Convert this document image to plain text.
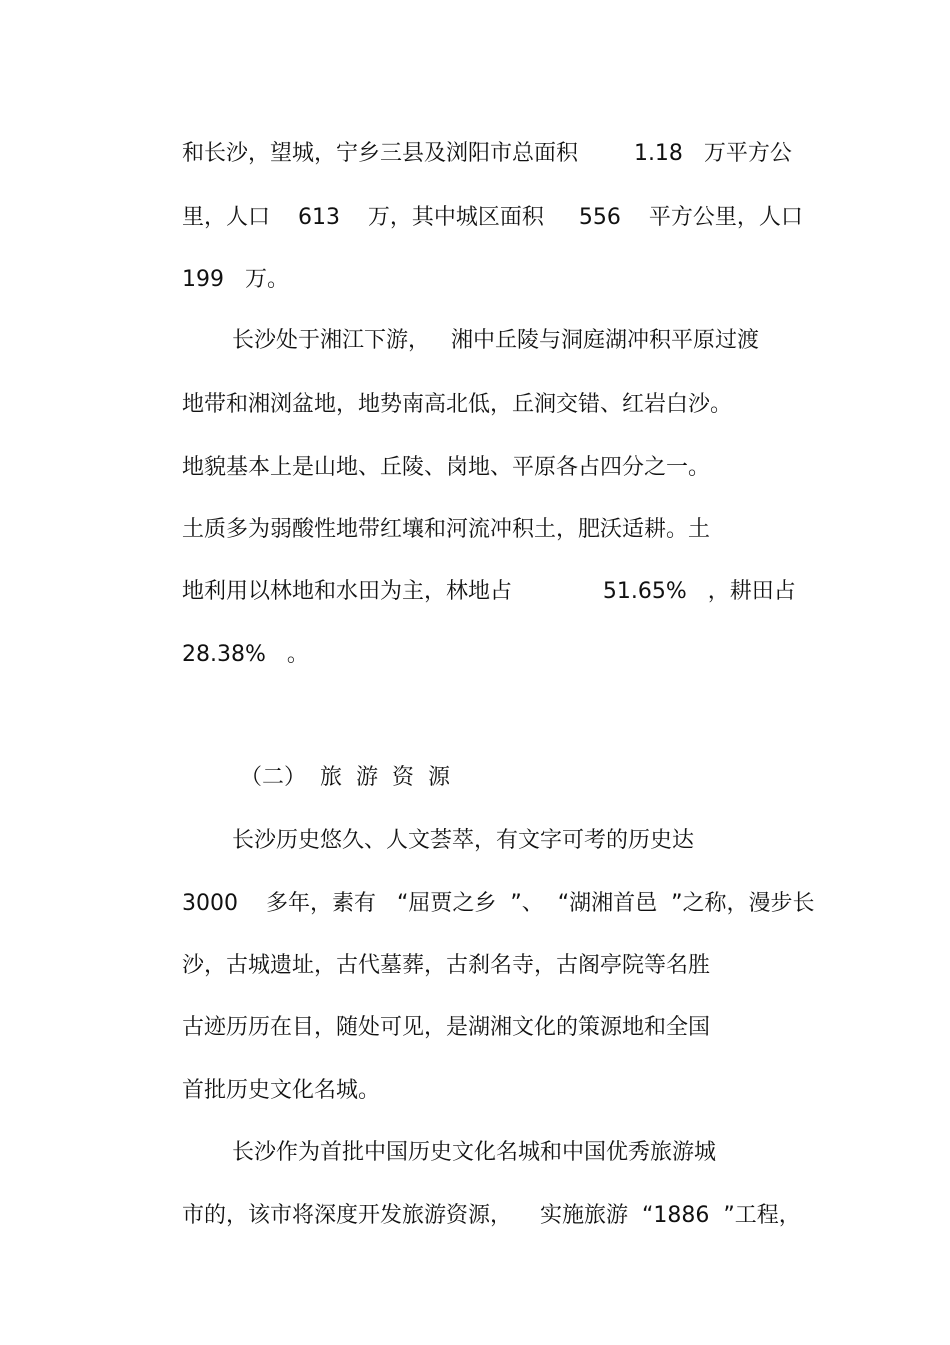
和长沙，望城，宁乡三县及浏阳市总面积        1.18   万平方公
里，人口    613    万，其中城区面积     556    平方公里，人口
199   万。
长沙处于湘江下游，   湘中丘陵与洞庭湖冲积平原过渡
地带和湘浏盆地，地势南高北低，丘涧交错、红岩白沙。
地貌基本上是山地、丘陵、岗地、平原各占四分之一。
土质多为弱酸性地带红壤和河流冲积土，肥沃适耕。土
地利用以林地和水田为主，林地占             51.65%   ，耕田占
28.38%   。
（二）  旅  游  资  源
长沙历史悠久、人文荟萃，有文字可考的历史达
3000    多年，素有   “屈贾之乡  ”、  “湖湘首邑  ”之称，漫步长
沙，古城遗址，古代墓葬，古刹名寺，古阁亭院等名胜
古迹历历在目，随处可见，是湖湘文化的策源地和全国
首批历史文化名城。
长沙作为首批中国历史文化名城和中国优秀旅游城
市的，该市将深度开发旅游资源，    实施旅游  “1886  ”工程，
